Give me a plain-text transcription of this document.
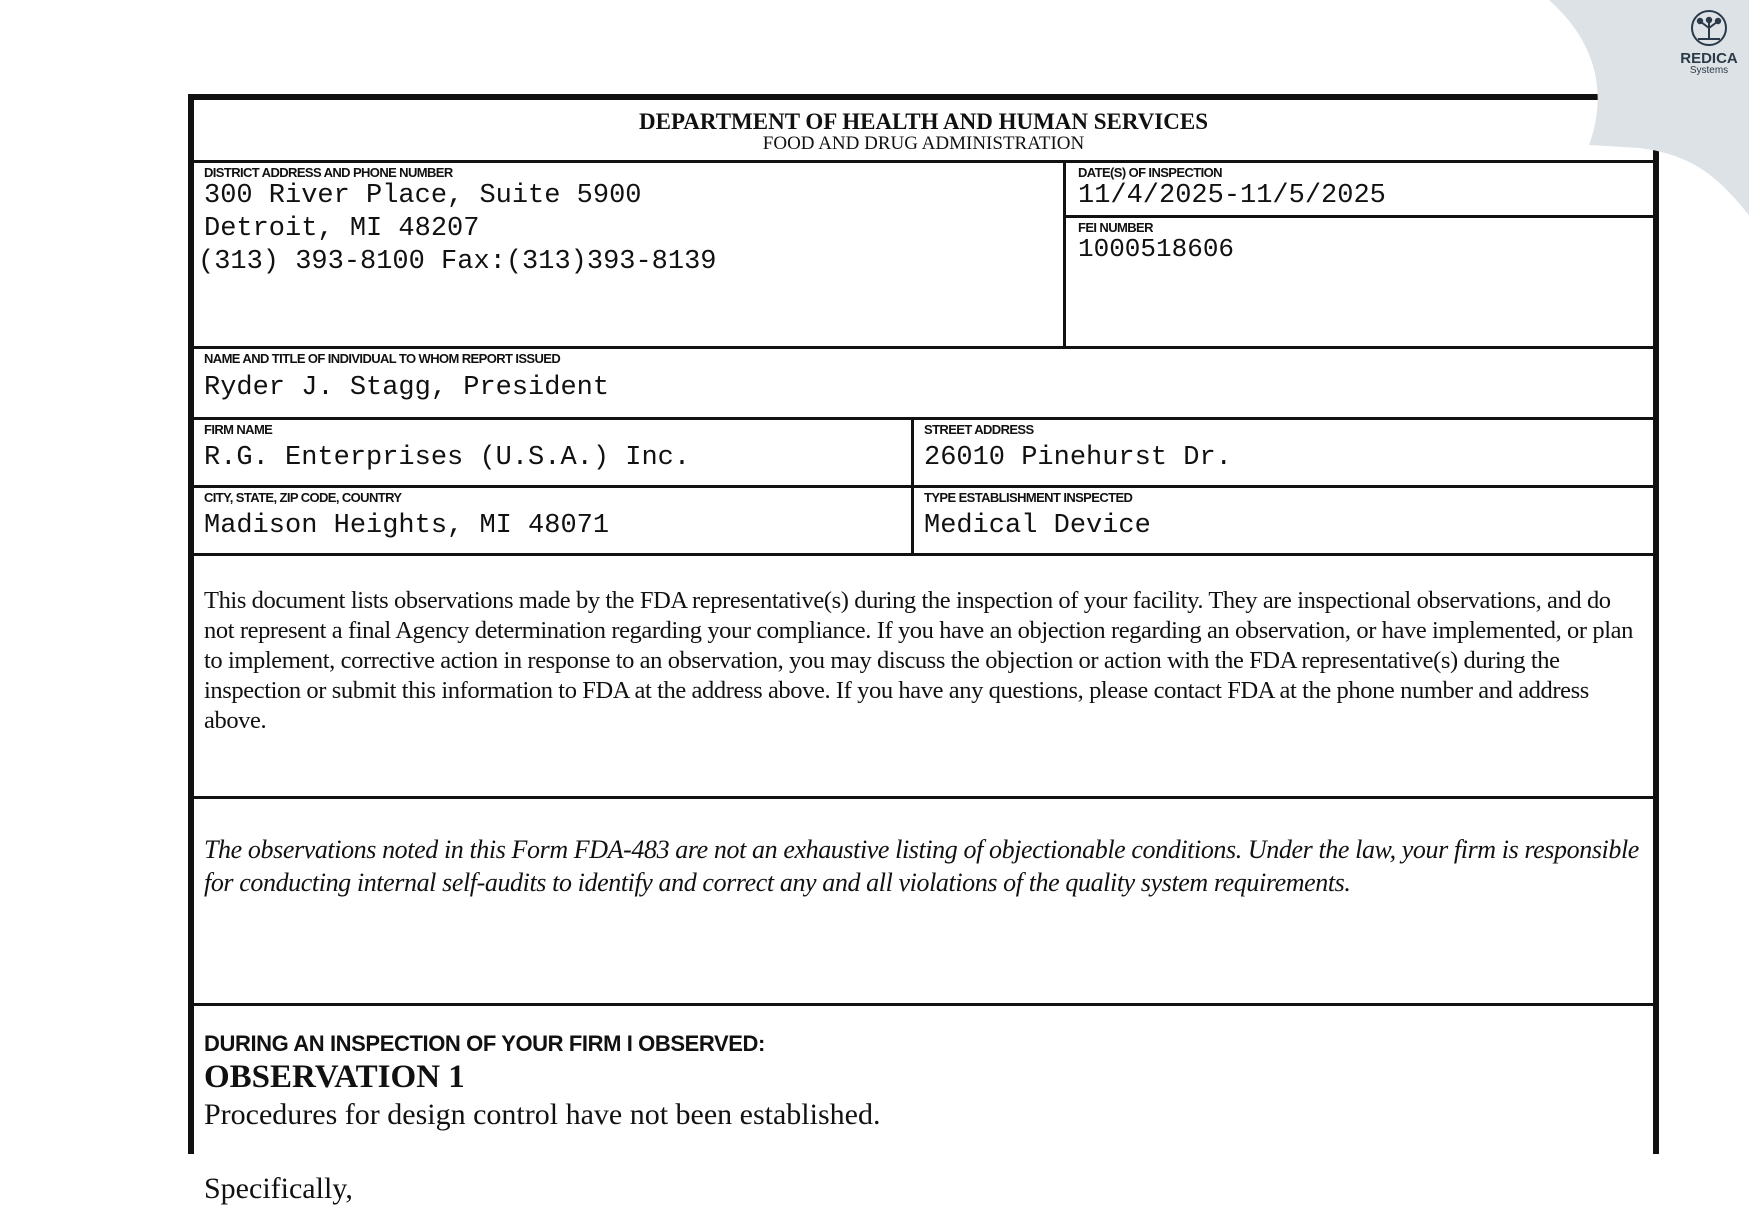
DEPARTMENT OF HEALTH AND HUMAN SERVICES
FOOD AND DRUG ADMINISTRATION
DISTRICT ADDRESS AND PHONE NUMBER
300 River Place, Suite 5900
Detroit, MI 48207
(313) 393-8100 Fax:(313)393-8139
DATE(S) OF INSPECTION
11/4/2025-11/5/2025
FEI NUMBER
1000518606
NAME AND TITLE OF INDIVIDUAL TO WHOM REPORT ISSUED
Ryder J. Stagg, President
FIRM NAME
R.G. Enterprises (U.S.A.) Inc.
STREET ADDRESS
26010 Pinehurst Dr.
CITY, STATE, ZIP CODE, COUNTRY
Madison Heights, MI 48071
TYPE ESTABLISHMENT INSPECTED
Medical Device
This document lists observations made by the FDA representative(s) during the inspection of your facility. They are inspectional observations, and do not represent a final Agency determination regarding your compliance. If you have an objection regarding an observation, or have implemented, or plan to implement, corrective action in response to an observation, you may discuss the objection or action with the FDA representative(s) during the inspection or submit this information to FDA at the address above. If you have any questions, please contact FDA at the phone number and address above.
The observations noted in this Form FDA-483 are not an exhaustive listing of objectionable conditions. Under the law, your firm is responsible for conducting internal self-audits to identify and correct any and all violations of the quality system requirements.
DURING AN INSPECTION OF YOUR FIRM I OBSERVED:
OBSERVATION 1
Procedures for design control have not been established.
Specifically,
REDICA
Systems
